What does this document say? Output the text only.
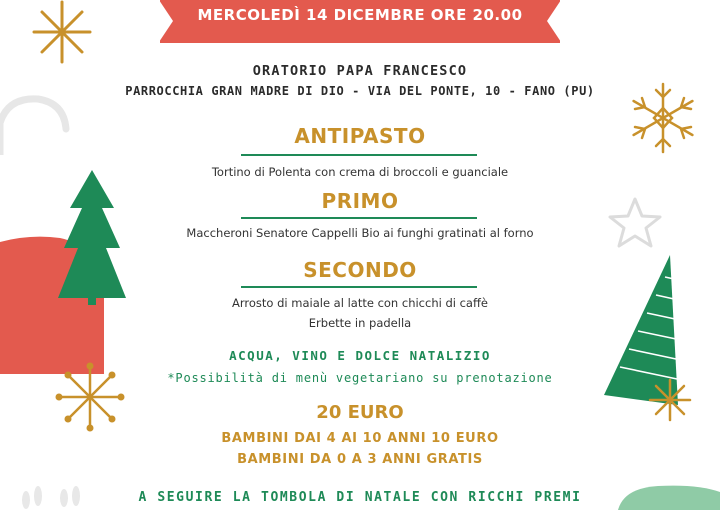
MERCOLEDÌ 14 DICEMBRE ORE 20.00
ORATORIO PAPA FRANCESCO
PARROCCHIA GRAN MADRE DI DIO - VIA DEL PONTE, 10 - FANO (PU)
ANTIPASTO
Tortino di Polenta con crema di broccoli e guanciale
PRIMO
Maccheroni Senatore Cappelli Bio ai funghi gratinati al forno
SECONDO
Arrosto di maiale al latte con chicchi di caffè
Erbette in padella
ACQUA, VINO E DOLCE NATALIZIO
*Possibilità di menù vegetariano su prenotazione
20 EURO
BAMBINI DAI 4 AI 10 ANNI 10 EURO
BAMBINI DA 0 A 3 ANNI GRATIS
A SEGUIRE LA TOMBOLA DI NATALE CON RICCHI PREMI
